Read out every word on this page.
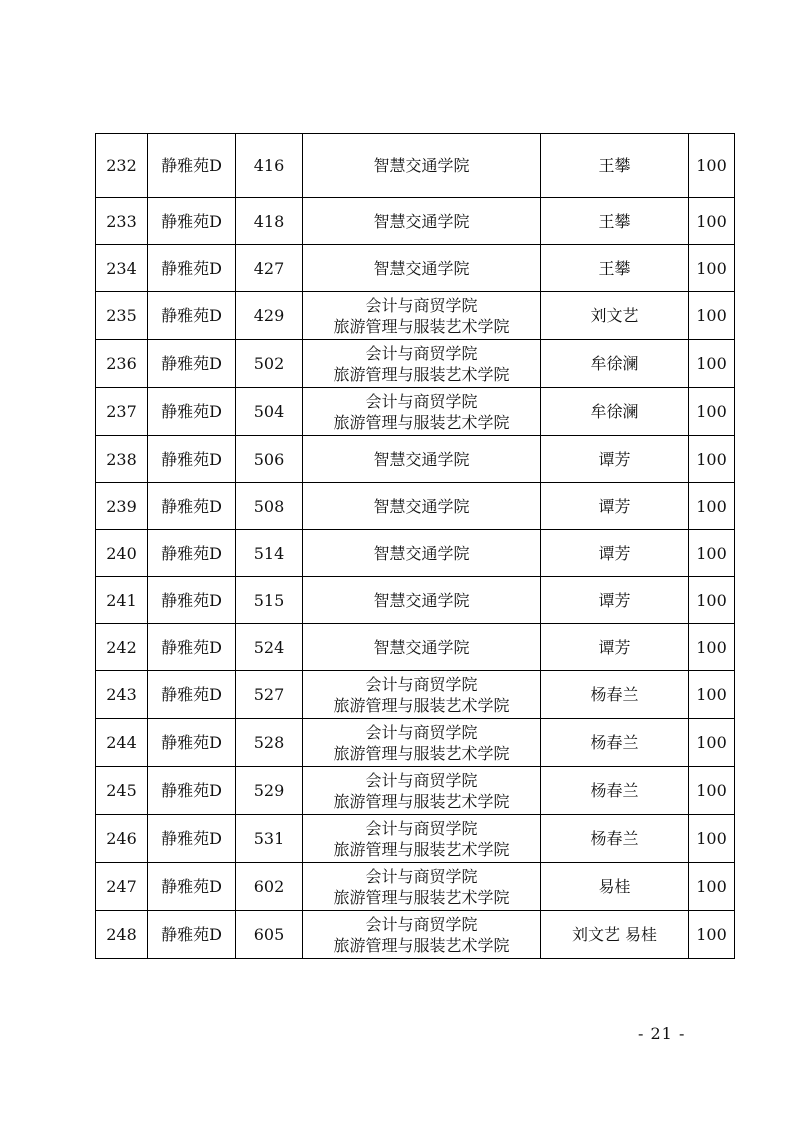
232	静雅苑D	416	智慧交通学院	王攀	100
233	静雅苑D	418	智慧交通学院	王攀	100
234	静雅苑D	427	智慧交通学院	王攀	100
235	静雅苑D	429	会计与商贸学院
旅游管理与服装艺术学院	刘文艺	100
236	静雅苑D	502	会计与商贸学院
旅游管理与服装艺术学院	牟徐澜	100
237	静雅苑D	504	会计与商贸学院
旅游管理与服装艺术学院	牟徐澜	100
238	静雅苑D	506	智慧交通学院	谭芳	100
239	静雅苑D	508	智慧交通学院	谭芳	100
240	静雅苑D	514	智慧交通学院	谭芳	100
241	静雅苑D	515	智慧交通学院	谭芳	100
242	静雅苑D	524	智慧交通学院	谭芳	100
243	静雅苑D	527	会计与商贸学院
旅游管理与服装艺术学院	杨春兰	100
244	静雅苑D	528	会计与商贸学院
旅游管理与服装艺术学院	杨春兰	100
245	静雅苑D	529	会计与商贸学院
旅游管理与服装艺术学院	杨春兰	100
246	静雅苑D	531	会计与商贸学院
旅游管理与服装艺术学院	杨春兰	100
247	静雅苑D	602	会计与商贸学院
旅游管理与服装艺术学院	易桂	100
248	静雅苑D	605	会计与商贸学院
旅游管理与服装艺术学院	刘文艺 易桂	100
- 21 -
